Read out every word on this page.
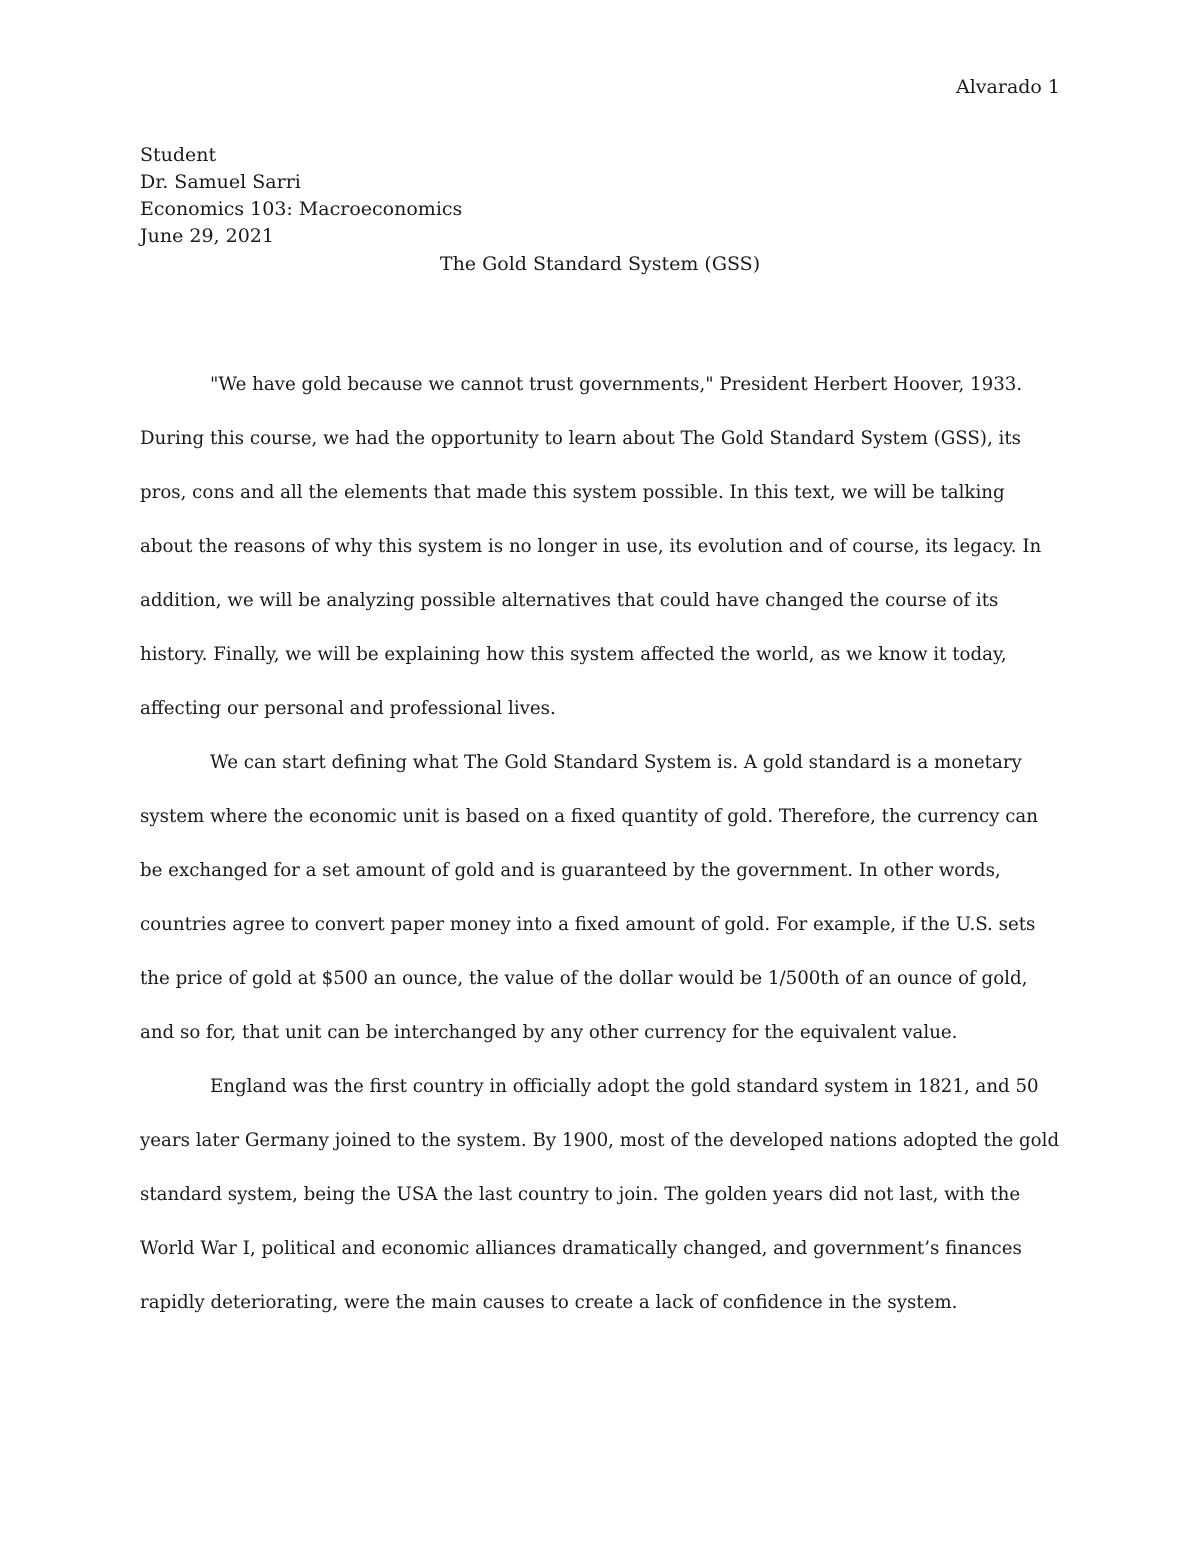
Alvarado 1
Student
Dr. Samuel Sarri
Economics 103: Macroeconomics
June 29, 2021
The Gold Standard System (GSS)

"We have gold because we cannot trust governments," President Herbert Hoover, 1933. During this course, we had the opportunity to learn about The Gold Standard System (GSS), its pros, cons and all the elements that made this system possible. In this text, we will be talking about the reasons of why this system is no longer in use, its evolution and of course, its legacy. In addition, we will be analyzing possible alternatives that could have changed the course of its history. Finally, we will be explaining how this system affected the world, as we know it today, affecting our personal and professional lives.

We can start defining what The Gold Standard System is. A gold standard is a monetary system where the economic unit is based on a fixed quantity of gold. Therefore, the currency can be exchanged for a set amount of gold and is guaranteed by the government. In other words, countries agree to convert paper money into a fixed amount of gold. For example, if the U.S. sets the price of gold at $500 an ounce, the value of the dollar would be 1/500th of an ounce of gold, and so for, that unit can be interchanged by any other currency for the equivalent value.

England was the first country in officially adopt the gold standard system in 1821, and 50 years later Germany joined to the system. By 1900, most of the developed nations adopted the gold standard system, being the USA the last country to join. The golden years did not last, with the World War I, political and economic alliances dramatically changed, and government’s finances rapidly deteriorating, were the main causes to create a lack of confidence in the system.
